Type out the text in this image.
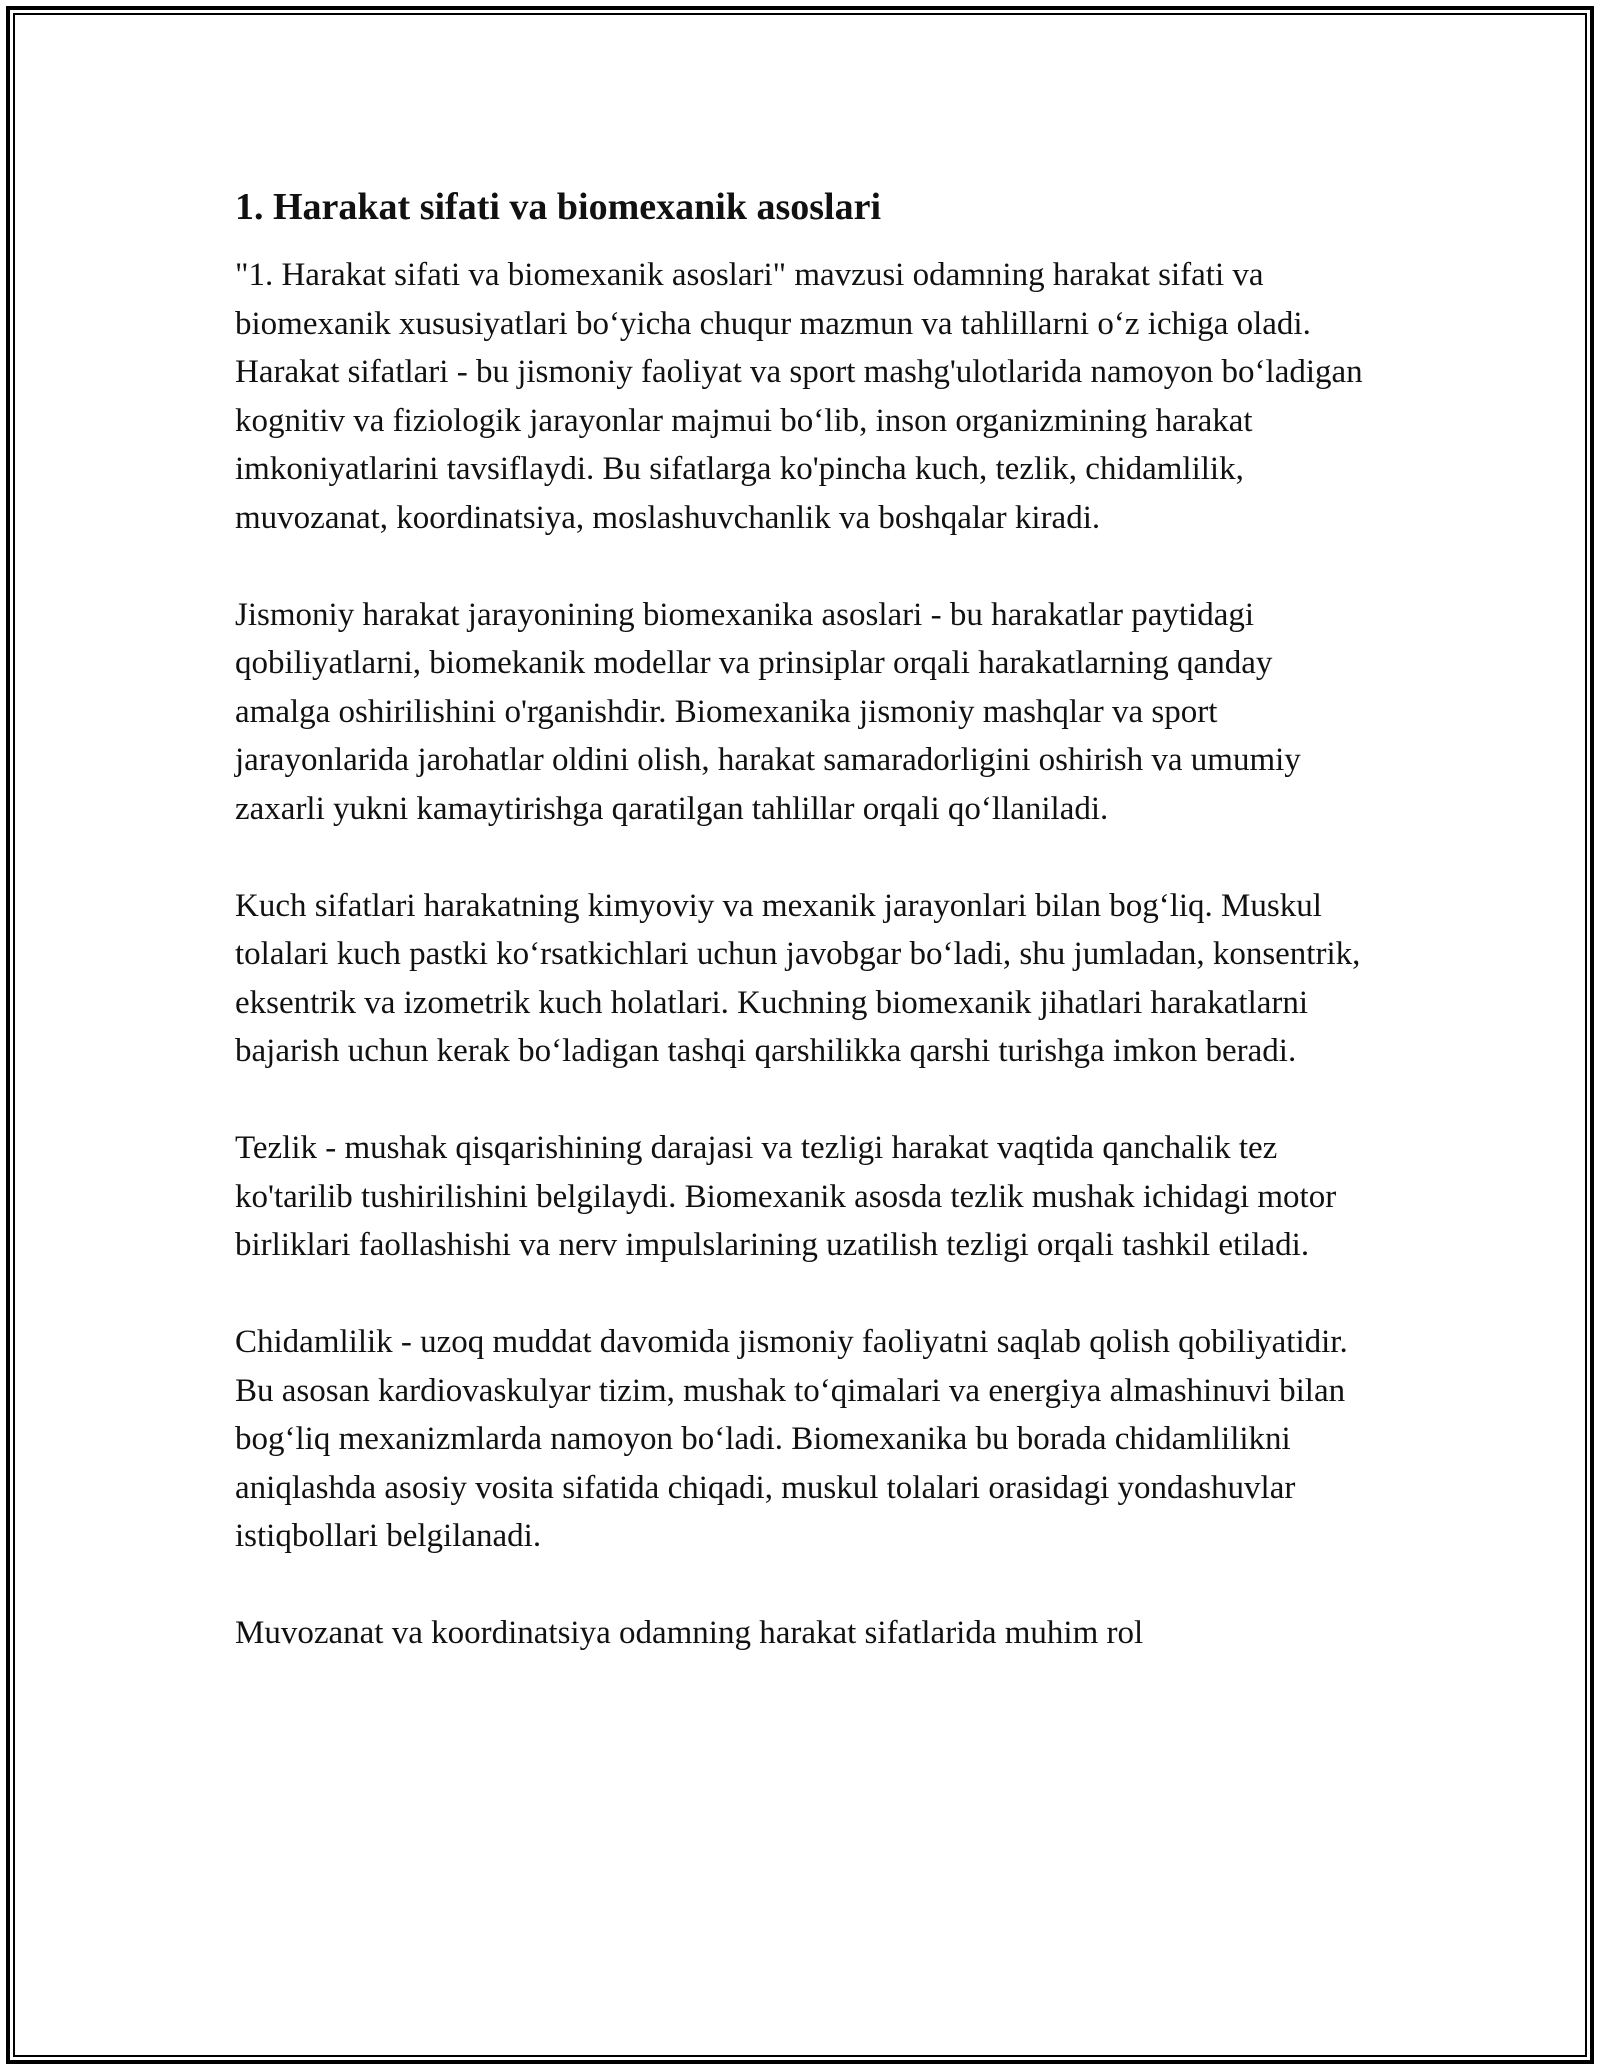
1. Harakat sifati va biomexanik asoslari

"1. Harakat sifati va biomexanik asoslari" mavzusi odamning harakat sifati va biomexanik xususiyatlari boʻyicha chuqur mazmun va tahlillarni oʻz ichiga oladi. Harakat sifatlari - bu jismoniy faoliyat va sport mashg'ulotlarida namoyon boʻladigan kognitiv va fiziologik jarayonlar majmui boʻlib, inson organizmining harakat imkoniyatlarini tavsiflaydi. Bu sifatlarga ko'pincha kuch, tezlik, chidamlilik, muvozanat, koordinatsiya, moslashuvchanlik va boshqalar kiradi.

Jismoniy harakat jarayonining biomexanika asoslari - bu harakatlar paytidagi qobiliyatlarni, biomekanik modellar va prinsiplar orqali harakatlarning qanday amalga oshirilishini o'rganishdir. Biomexanika jismoniy mashqlar va sport jarayonlarida jarohatlar oldini olish, harakat samaradorligini oshirish va umumiy zaxarli yukni kamaytirishga qaratilgan tahlillar orqali qoʻllaniladi.

Kuch sifatlari harakatning kimyoviy va mexanik jarayonlari bilan bogʻliq. Muskul tolalari kuch pastki koʻrsatkichlari uchun javobgar boʻladi, shu jumladan, konsentrik, eksentrik va izometrik kuch holatlari. Kuchning biomexanik jihatlari harakatlarni bajarish uchun kerak boʻladigan tashqi qarshilikka qarshi turishga imkon beradi.

Tezlik - mushak qisqarishining darajasi va tezligi harakat vaqtida qanchalik tez ko'tarilib tushirilishini belgilaydi. Biomexanik asosda tezlik mushak ichidagi motor birliklari faollashishi va nerv impulslarining uzatilish tezligi orqali tashkil etiladi.

Chidamlilik - uzoq muddat davomida jismoniy faoliyatni saqlab qolish qobiliyatidir. Bu asosan kardiovaskulyar tizim, mushak toʻqimalari va energiya almashinuvi bilan bogʻliq mexanizmlarda namoyon boʻladi. Biomexanika bu borada chidamlilikni aniqlashda asosiy vosita sifatida chiqadi, muskul tolalari orasidagi yondashuvlar istiqbollari belgilanadi.

Muvozanat va koordinatsiya odamning harakat sifatlarida muhim rol
